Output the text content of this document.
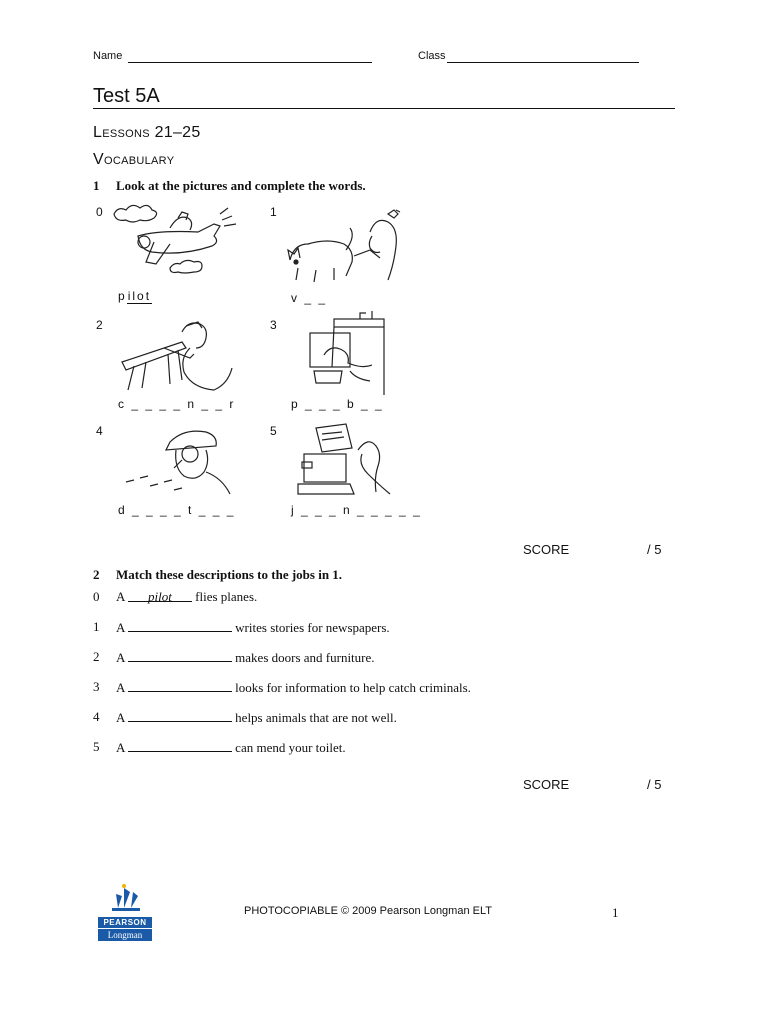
Name	Class
Test 5A
Lessons 21–25
Vocabulary
1 Look at the pictures and complete the words.
0
pilot
1
v _ _
2
c _ _ _ _ n _ _ r
3
p _ _ _ b _ _
4
d _ _ _ _ t _ _ _
5
j _ _ _ n _ _ _ _ _
SCORE	/ 5
2 Match these descriptions to the jobs in 1.
0 A pilot flies planes.
1 A	writes stories for newspapers.
2 A	makes doors and furniture.
3 A	looks for information to help catch criminals.
4 A	helps animals that are not well.
5 A	can mend your toilet.
SCORE	/ 5
PEARSON
Longman
PHOTOCOPIABLE © 2009 Pearson Longman ELT	1
